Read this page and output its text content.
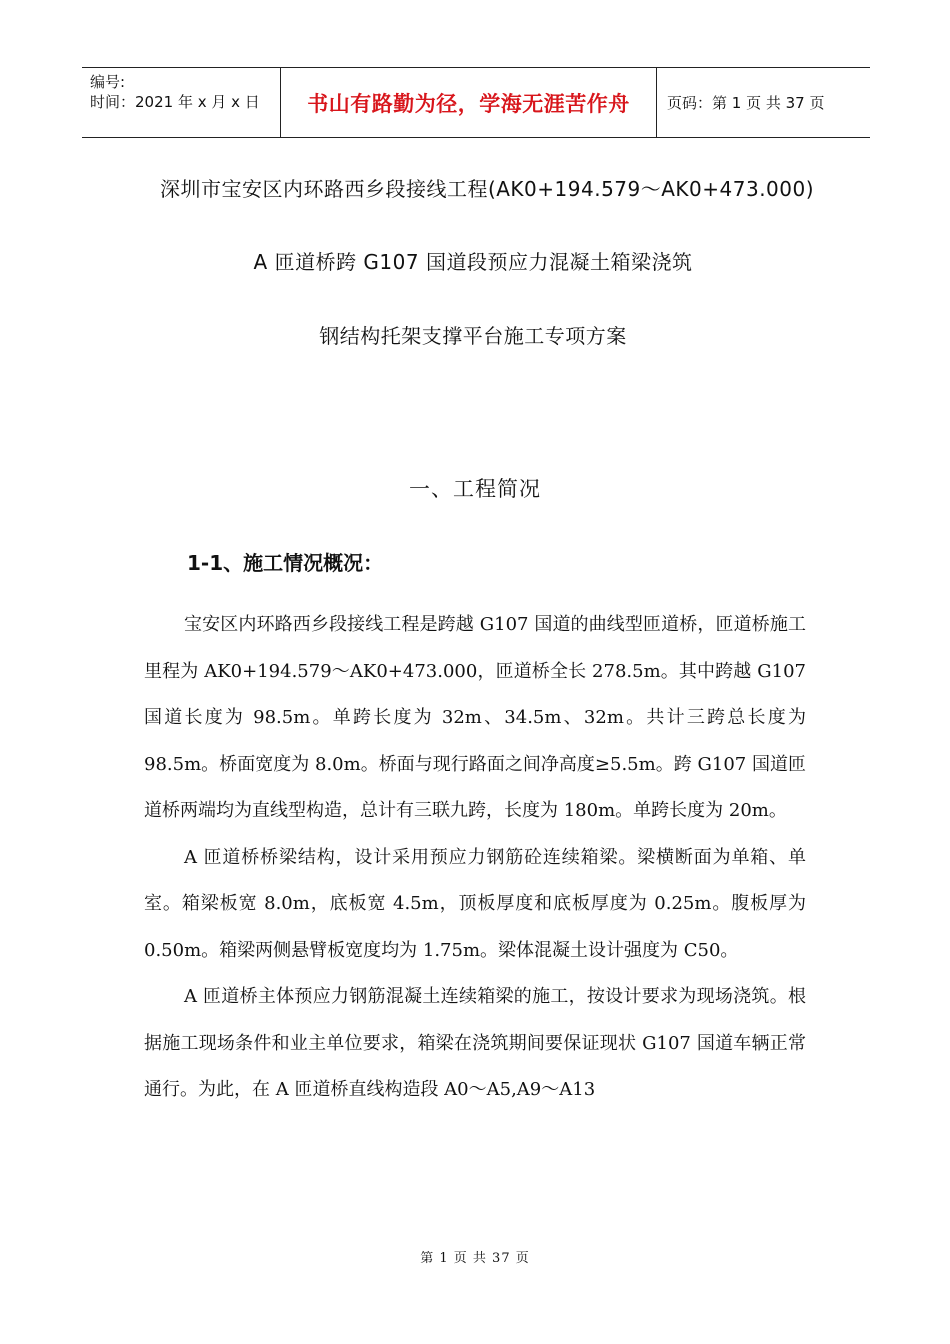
编号:
时间：2021 年 x 月 x 日	书山有路勤为径，学海无涯苦作舟	页码：第 1 页 共 37 页
深圳市宝安区内环路西乡段接线工程(AK0+194.579～AK0+473.000)
A 匝道桥跨 G107 国道段预应力混凝土箱梁浇筑
钢结构托架支撑平台施工专项方案
一、工程简况
1-1、施工情况概况：

宝安区内环路西乡段接线工程是跨越 G107 国道的曲线型匝道桥，匝道桥施工里程为 AK0+194.579～AK0+473.000，匝道桥全长 278.5m。其中跨越 G107 国道长度为 98.5m。单跨长度为 32m、34.5m、32m。共计三跨总长度为 98.5m。桥面宽度为 8.0m。桥面与现行路面之间净高度≥5.5m。跨 G107 国道匝道桥两端均为直线型构造，总计有三联九跨，长度为 180m。单跨长度为 20m。

A 匝道桥桥梁结构，设计采用预应力钢筋砼连续箱梁。梁横断面为单箱、单室。箱梁板宽 8.0m，底板宽 4.5m，顶板厚度和底板厚度为 0.25m。腹板厚为 0.50m。箱梁两侧悬臂板宽度均为 1.75m。梁体混凝土设计强度为 C50。

A 匝道桥主体预应力钢筋混凝土连续箱梁的施工，按设计要求为现场浇筑。根据施工现场条件和业主单位要求，箱梁在浇筑期间要保证现状 G107 国道车辆正常通行。为此，在 A 匝道桥直线构造段 A0～A5,A9～A13

第 1 页 共 37 页
